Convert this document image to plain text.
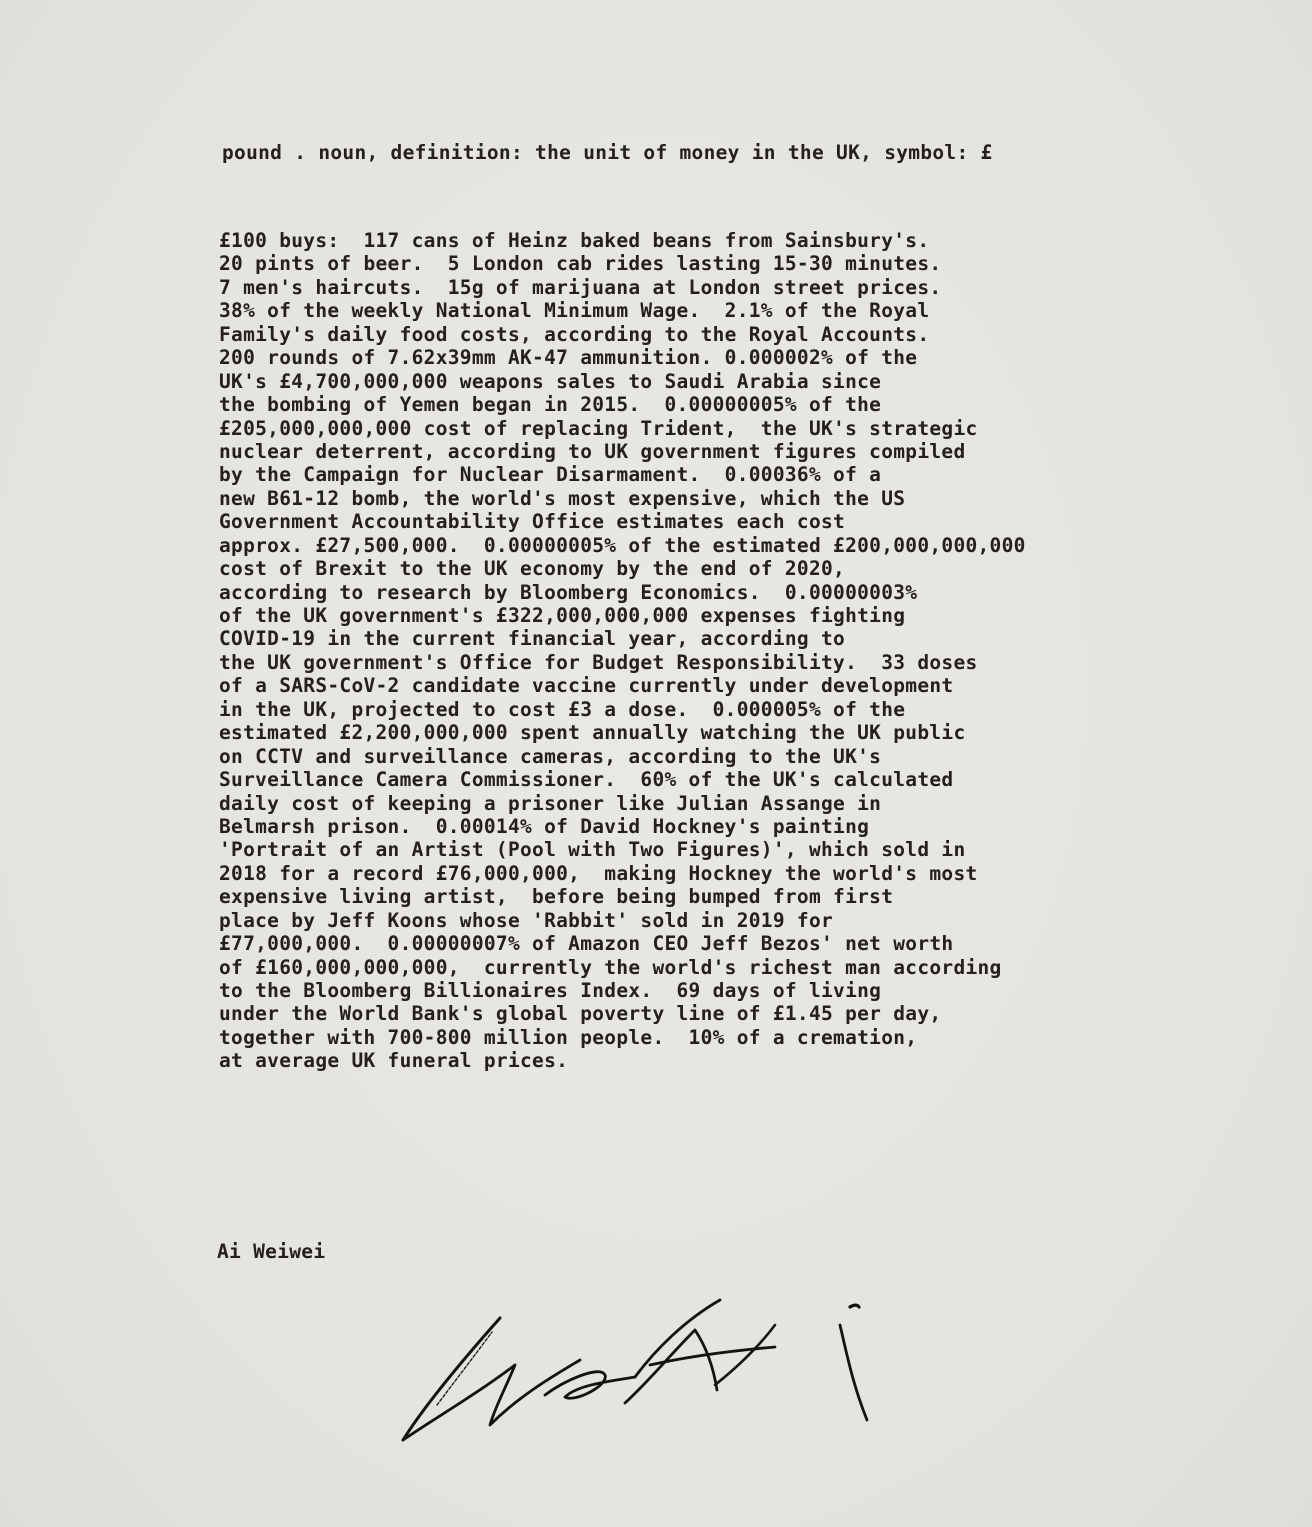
pound . noun, definition: the unit of money in the UK, symbol: £
£100 buys:  117 cans of Heinz baked beans from Sainsbury's.
20 pints of beer.  5 London cab rides lasting 15-30 minutes.
7 men's haircuts.  15g of marijuana at London street prices.
38% of the weekly National Minimum Wage.  2.1% of the Royal
Family's daily food costs, according to the Royal Accounts.
200 rounds of 7.62x39mm AK-47 ammunition. 0.000002% of the
UK's £4,700,000,000 weapons sales to Saudi Arabia since
the bombing of Yemen began in 2015.  0.00000005% of the
£205,000,000,000 cost of replacing Trident,  the UK's strategic
nuclear deterrent, according to UK government figures compiled
by the Campaign for Nuclear Disarmament.  0.00036% of a
new B61-12 bomb, the world's most expensive, which the US
Government Accountability Office estimates each cost
approx. £27,500,000.  0.00000005% of the estimated £200,000,000,000
cost of Brexit to the UK economy by the end of 2020,
according to research by Bloomberg Economics.  0.00000003%
of the UK government's £322,000,000,000 expenses fighting
COVID-19 in the current financial year, according to
the UK government's Office for Budget Responsibility.  33 doses
of a SARS-CoV-2 candidate vaccine currently under development
in the UK, projected to cost £3 a dose.  0.000005% of the
estimated £2,200,000,000 spent annually watching the UK public
on CCTV and surveillance cameras, according to the UK's
Surveillance Camera Commissioner.  60% of the UK's calculated
daily cost of keeping a prisoner like Julian Assange in
Belmarsh prison.  0.00014% of David Hockney's painting
'Portrait of an Artist (Pool with Two Figures)', which sold in
2018 for a record £76,000,000,  making Hockney the world's most
expensive living artist,  before being bumped from first
place by Jeff Koons whose 'Rabbit' sold in 2019 for
£77,000,000.  0.00000007% of Amazon CEO Jeff Bezos' net worth
of £160,000,000,000,  currently the world's richest man according
to the Bloomberg Billionaires Index.  69 days of living
under the World Bank's global poverty line of £1.45 per day,
together with 700-800 million people.  10% of a cremation,
at average UK funeral prices.
Ai Weiwei
